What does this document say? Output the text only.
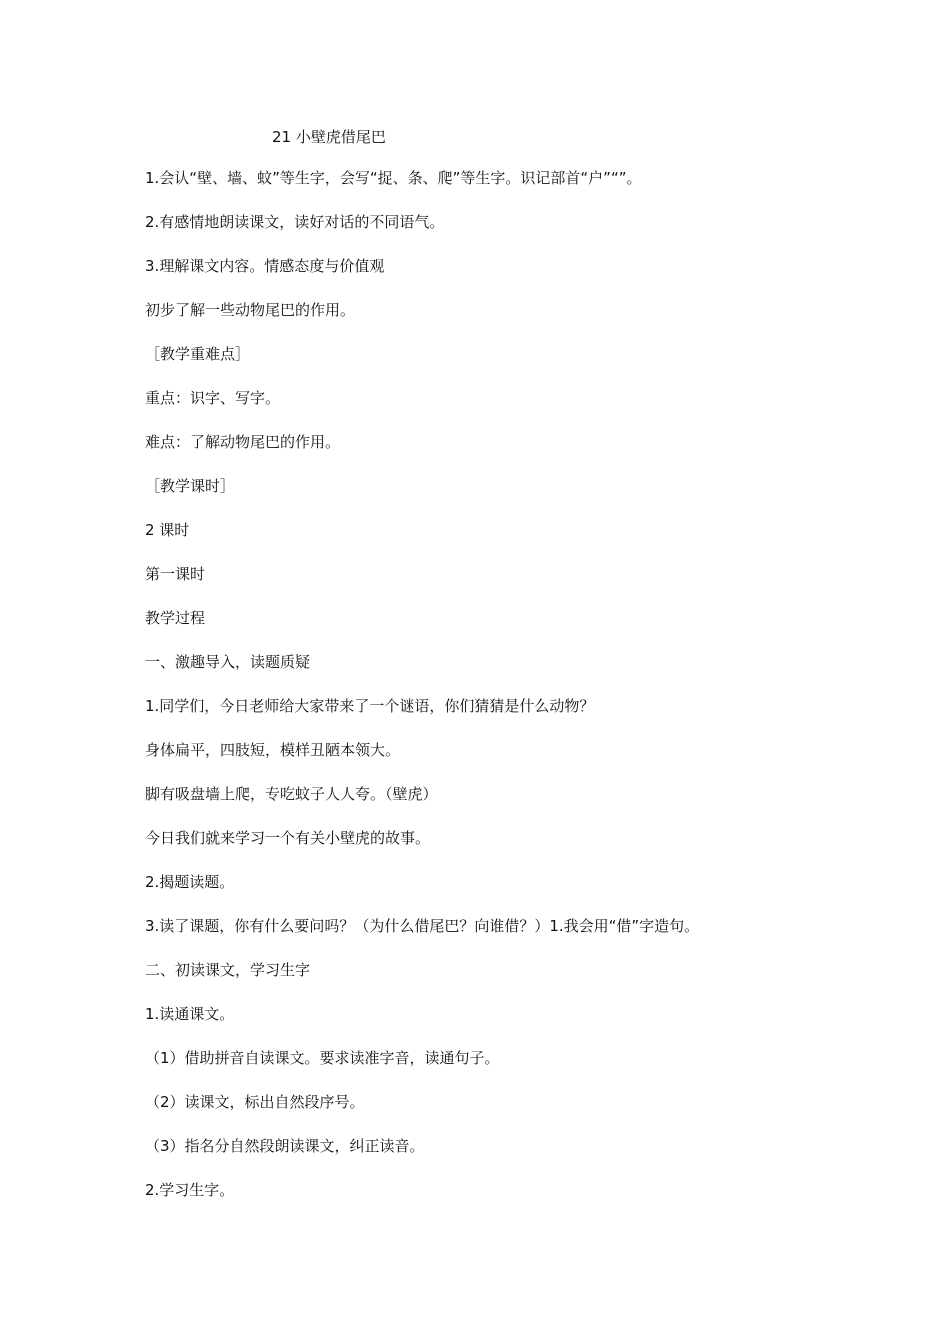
21 小壁虎借尾巴

1.会认“壁、墙、蚊”等生字，会写“捉、条、爬”等生字。识记部首“户”“”。

2.有感情地朗读课文，读好对话的不同语气。

3.理解课文内容。情感态度与价值观

初步了解一些动物尾巴的作用。

［教学重难点］

重点：识字、写字。

难点：了解动物尾巴的作用。

［教学课时］

2 课时

第一课时

教学过程

一、激趣导入，读题质疑

1.同学们，今日老师给大家带来了一个谜语，你们猜猜是什么动物？

身体扁平，四肢短，模样丑陋本领大。

脚有吸盘墙上爬，专吃蚊子人人夸。（壁虎）

今日我们就来学习一个有关小壁虎的故事。

2.揭题读题。

3.读了课题，你有什么要问吗？（为什么借尾巴？向谁借？）1.我会用“借”字造句。

二、初读课文，学习生字

1.读通课文。

（1）借助拼音自读课文。要求读准字音，读通句子。

（2）读课文，标出自然段序号。

（3）指名分自然段朗读课文，纠正读音。

2.学习生字。
